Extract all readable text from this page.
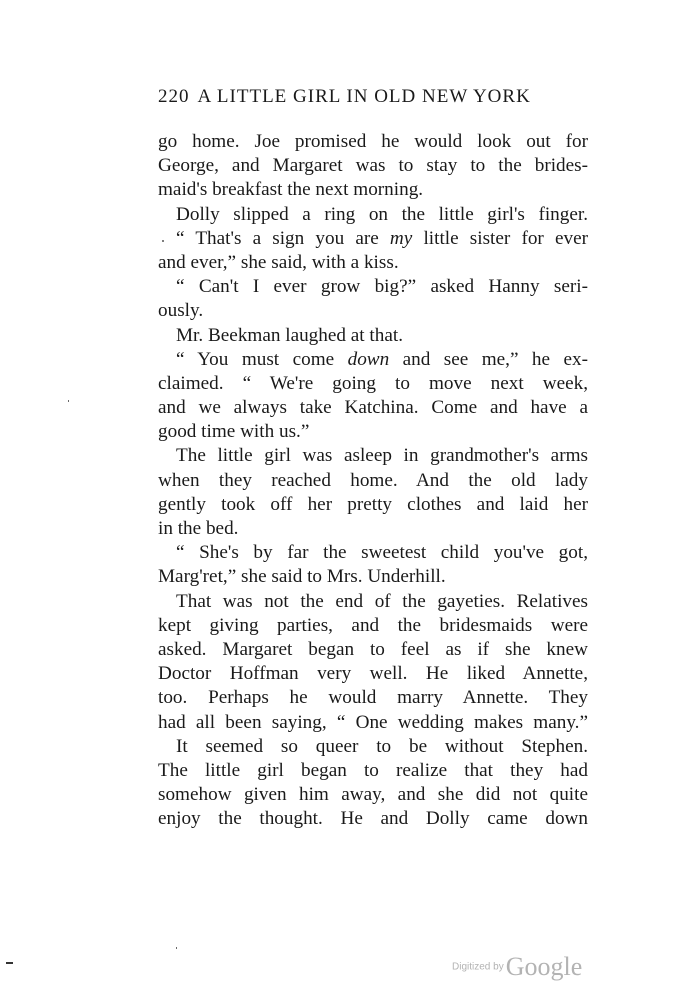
220 A LITTLE GIRL IN OLD NEW YORK
go home. Joe promised he would look out for
George, and Margaret was to stay to the brides-
maid's breakfast the next morning.
Dolly slipped a ring on the little girl's finger.
“ That's a sign you are my little sister for ever
and ever,” she said, with a kiss.
“ Can't I ever grow big?” asked Hanny seri-
ously.
Mr. Beekman laughed at that.
“ You must come down and see me,” he ex-
claimed. “ We're going to move next week,
and we always take Katchina. Come and have a
good time with us.”
The little girl was asleep in grandmother's arms
when they reached home. And the old lady
gently took off her pretty clothes and laid her
in the bed.
“ She's by far the sweetest child you've got,
Marg'ret,” she said to Mrs. Underhill.
That was not the end of the gayeties. Relatives
kept giving parties, and the bridesmaids were
asked. Margaret began to feel as if she knew
Doctor Hoffman very well. He liked Annette,
too. Perhaps he would marry Annette. They
had all been saying, “ One wedding makes many.”
It seemed so queer to be without Stephen.
The little girl began to realize that they had
somehow given him away, and she did not quite
enjoy the thought. He and Dolly came down
Digitized byGoogle
